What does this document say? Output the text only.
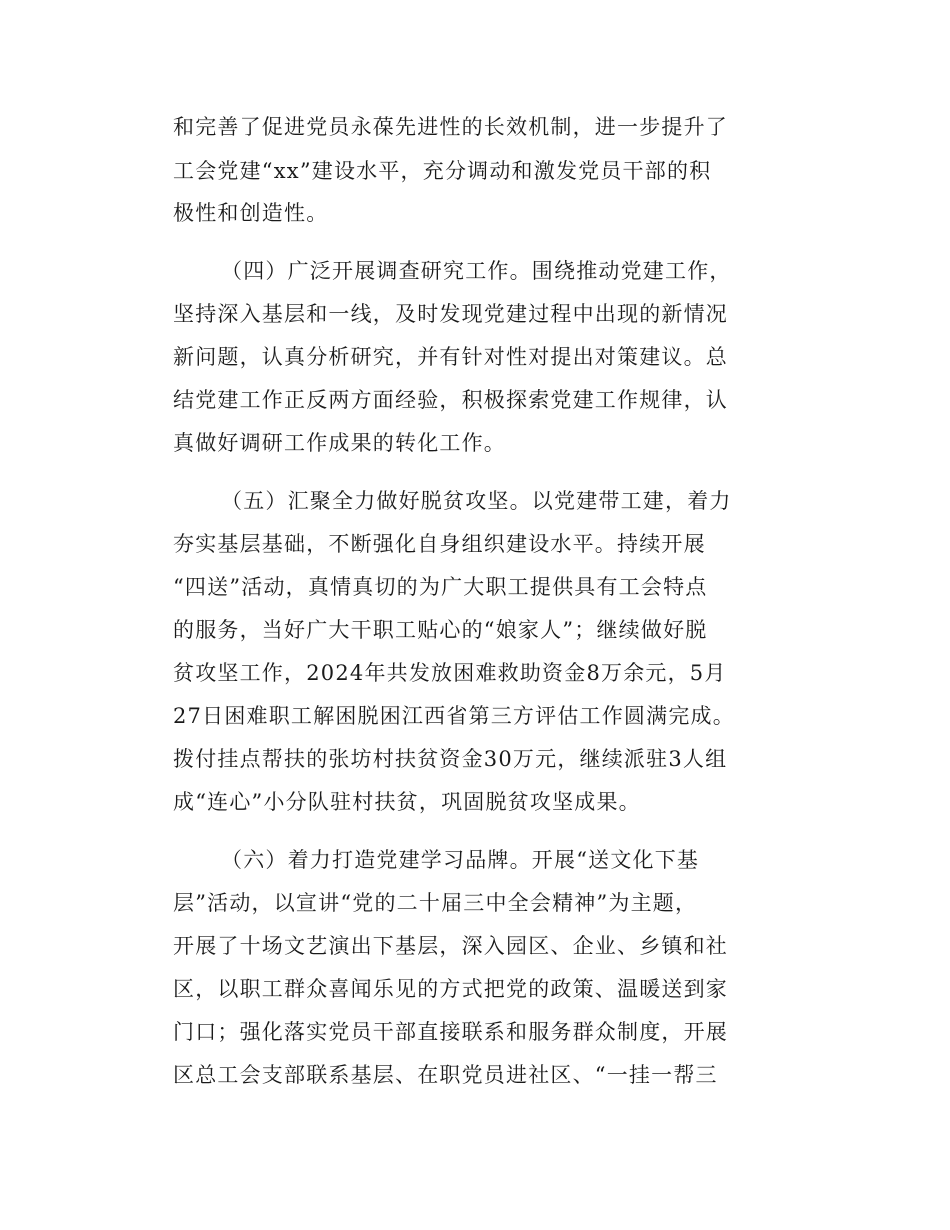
和完善了促进党员永葆先进性的长效机制，进一步提升了
工会党建“xx”建设水平，充分调动和激发党员干部的积
极性和创造性。
（四）广泛开展调查研究工作。围绕推动党建工作，
坚持深入基层和一线，及时发现党建过程中出现的新情况
新问题，认真分析研究，并有针对性对提出对策建议。总
结党建工作正反两方面经验，积极探索党建工作规律，认
真做好调研工作成果的转化工作。
（五）汇聚全力做好脱贫攻坚。以党建带工建，着力
夯实基层基础，不断强化自身组织建设水平。持续开展
“四送”活动，真情真切的为广大职工提供具有工会特点
的服务，当好广大干职工贴心的“娘家人”；继续做好脱
贫攻坚工作，2024年共发放困难救助资金8万余元，5月
27日困难职工解困脱困江西省第三方评估工作圆满完成。
拨付挂点帮扶的张坊村扶贫资金30万元，继续派驻3人组
成“连心”小分队驻村扶贫，巩固脱贫攻坚成果。
（六）着力打造党建学习品牌。开展“送文化下基
层”活动，以宣讲“党的二十届三中全会精神”为主题，
开展了十场文艺演出下基层，深入园区、企业、乡镇和社
区，以职工群众喜闻乐见的方式把党的政策、温暖送到家
门口；强化落实党员干部直接联系和服务群众制度，开展
区总工会支部联系基层、在职党员进社区、“一挂一帮三
